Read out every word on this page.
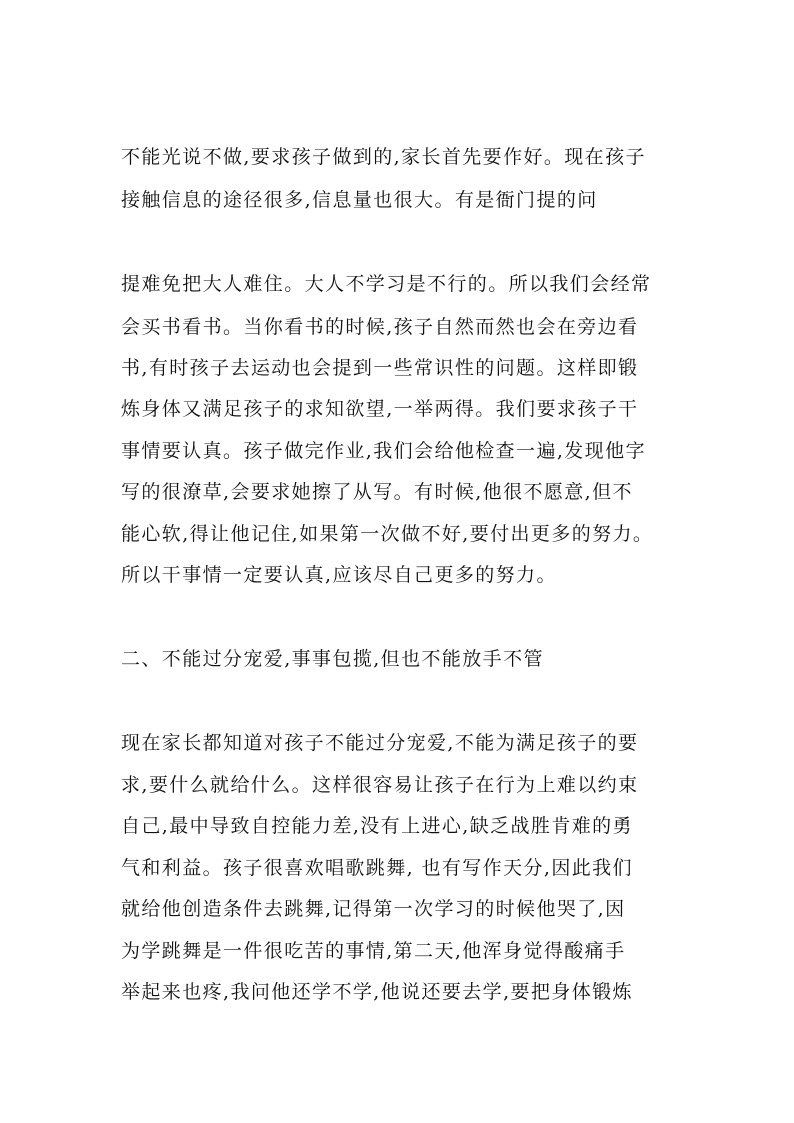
不能光说不做,要求孩子做到的,家长首先要作好。现在孩子
接触信息的途径很多,信息量也很大。有是衙门提的问
提难免把大人难住。大人不学习是不行的。所以我们会经常
会买书看书。当你看书的时候,孩子自然而然也会在旁边看
书,有时孩子去运动也会提到一些常识性的问题。这样即锻
炼身体又满足孩子的求知欲望,一举两得。我们要求孩子干
事情要认真。孩子做完作业,我们会给他检查一遍,发现他字
写的很潦草,会要求她擦了从写。有时候,他很不愿意,但不
能心软,得让他记住,如果第一次做不好,要付出更多的努力。
所以干事情一定要认真,应该尽自己更多的努力。
二、不能过分宠爱,事事包揽,但也不能放手不管
现在家长都知道对孩子不能过分宠爱,不能为满足孩子的要
求,要什么就给什么。这样很容易让孩子在行为上难以约束
自己,最中导致自控能力差,没有上进心,缺乏战胜肯难的勇
气和利益。孩子很喜欢唱歌跳舞, 也有写作天分,因此我们
就给他创造条件去跳舞,记得第一次学习的时候他哭了,因
为学跳舞是一件很吃苦的事情,第二天,他浑身觉得酸痛手
举起来也疼,我问他还学不学,他说还要去学,要把身体锻炼
